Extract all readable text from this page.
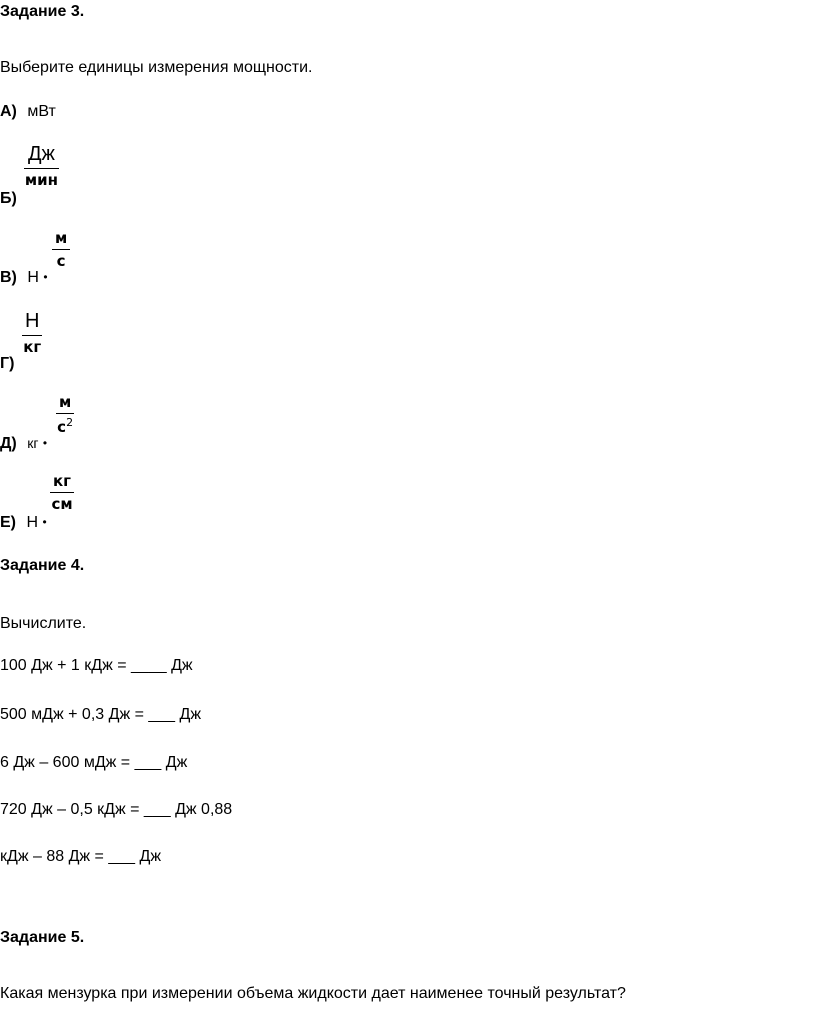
Задание 3.
Выберите единицы измерения мощности.
А) мВт
Б)
Дж
мин
В) Н •
м
с
Г)
Н
кг
Д) кг •
м
$с^2$
Е) Н •
кг
см
Задание 4.
Вычислите.
100 Дж + 1 кДж = ____ Дж
500 мДж + 0,3 Дж = ___ Дж
6 Дж – 600 мДж = ___ Дж
720 Дж – 0,5 кДж = ___ Дж 0,88
кДж – 88 Дж = ___ Дж
Задание 5.
Какая мензурка при измерении объема жидкости дает наименее точный результат?
